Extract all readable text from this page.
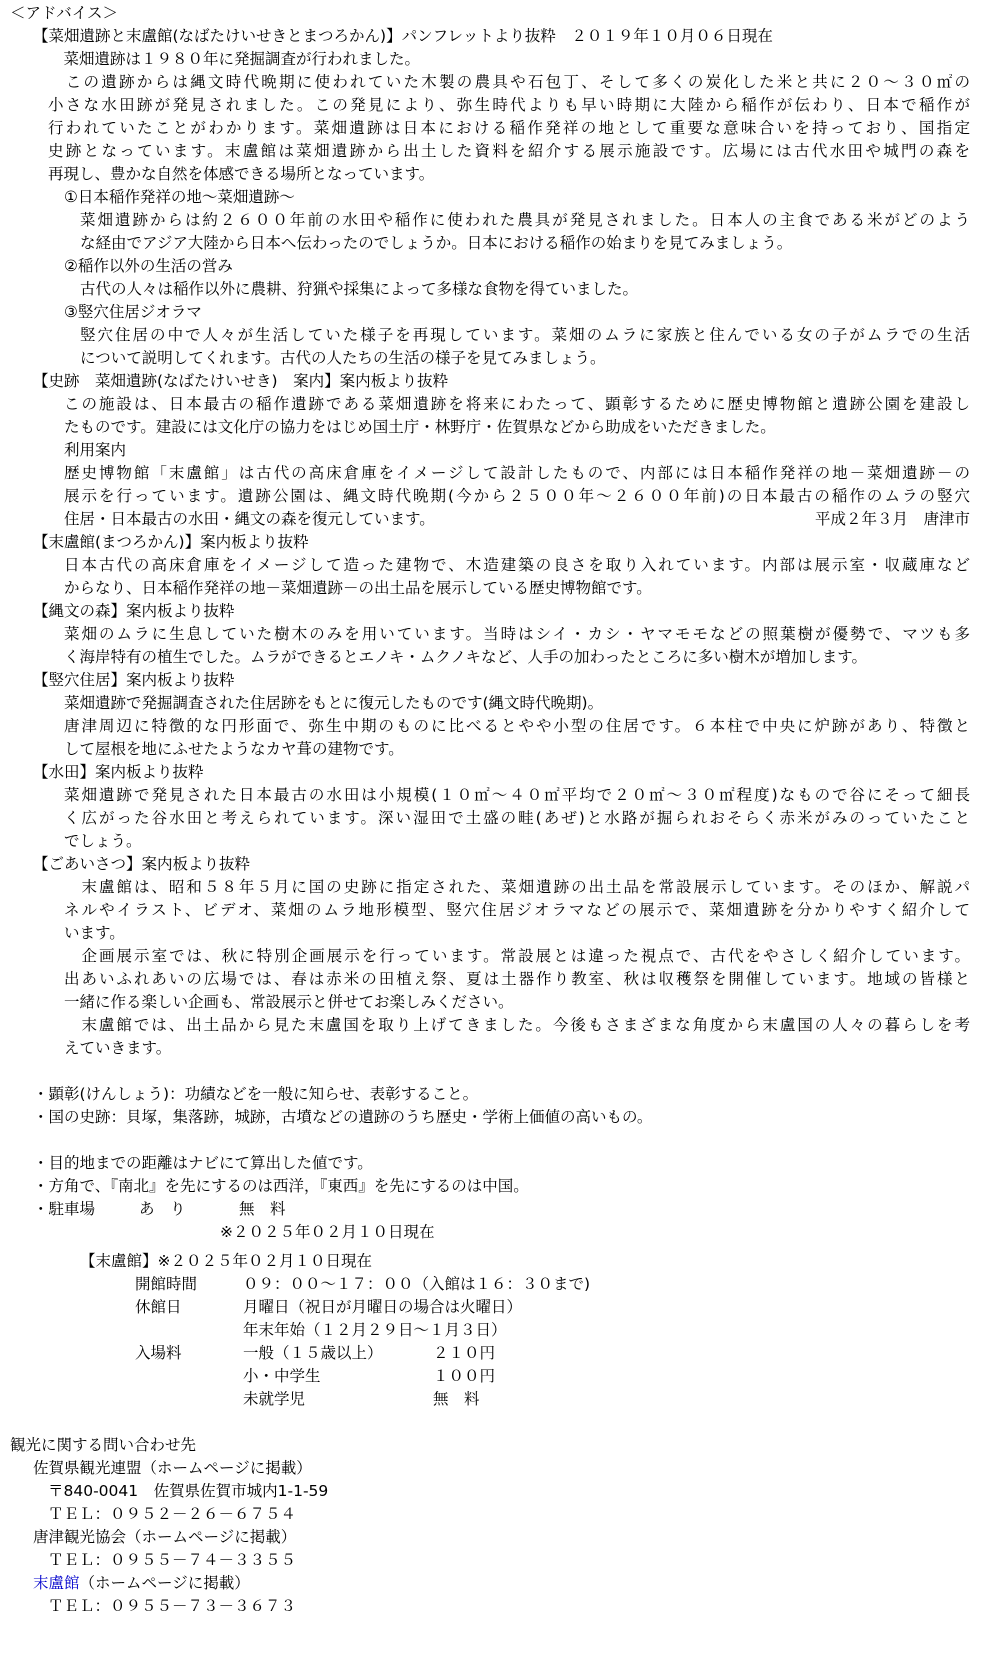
＜アドバイス＞
【菜畑遺跡と末盧館(なばたけいせきとまつろかん)】パンフレットより抜粋　２０１９年１０月０６日現在
　菜畑遺跡は１９８０年に発掘調査が行われました。
　この遺跡からは縄文時代晩期に使われていた木製の農具や石包丁、そして多くの炭化した米と共に２０～３０㎡の
小さな水田跡が発見されました。この発見により、弥生時代よりも早い時期に大陸から稲作が伝わり、日本で稲作が
行われていたことがわかります。菜畑遺跡は日本における稲作発祥の地として重要な意味合いを持っており、国指定
史跡となっています。末盧館は菜畑遺跡から出土した資料を紹介する展示施設です。広場には古代水田や城門の森を
再現し、豊かな自然を体感できる場所となっています。
①日本稲作発祥の地～菜畑遺跡～
菜畑遺跡からは約２６００年前の水田や稲作に使われた農具が発見されました。日本人の主食である米がどのよう
な経由でアジア大陸から日本へ伝わったのでしょうか。日本における稲作の始まりを見てみましょう。
②稲作以外の生活の営み
古代の人々は稲作以外に農耕、狩猟や採集によって多様な食物を得ていました。
③竪穴住居ジオラマ
竪穴住居の中で人々が生活していた様子を再現しています。菜畑のムラに家族と住んでいる女の子がムラでの生活
について説明してくれます。古代の人たちの生活の様子を見てみましょう。
【史跡　菜畑遺跡(なばたけいせき)　案内】案内板より抜粋
この施設は、日本最古の稲作遺跡である菜畑遺跡を将来にわたって、顕彰するために歴史博物館と遺跡公園を建設し
たものです。建設には文化庁の協力をはじめ国土庁・林野庁・佐賀県などから助成をいただきました。
利用案内
歴史博物館「末盧館」は古代の高床倉庫をイメージして設計したもので、内部には日本稲作発祥の地－菜畑遺跡－の
展示を行っています。遺跡公園は、縄文時代晩期(今から２５００年～２６００年前)の日本最古の稲作のムラの竪穴
住居・日本最古の水田・縄文の森を復元しています。	平成２年３月　唐津市
【末盧館(まつろかん)】案内板より抜粋
日本古代の高床倉庫をイメージして造った建物で、木造建築の良さを取り入れています。内部は展示室・収蔵庫など
からなり、日本稲作発祥の地－菜畑遺跡－の出土品を展示している歴史博物館です。
【縄文の森】案内板より抜粋
菜畑のムラに生息していた樹木のみを用いています。当時はシイ・カシ・ヤマモモなどの照葉樹が優勢で、マツも多
く海岸特有の植生でした。ムラができるとエノキ・ムクノキなど、人手の加わったところに多い樹木が増加します。
【竪穴住居】案内板より抜粋
菜畑遺跡で発掘調査された住居跡をもとに復元したものです(縄文時代晩期)。
唐津周辺に特徴的な円形面で、弥生中期のものに比べるとやや小型の住居です。６本柱で中央に炉跡があり、特徴と
して屋根を地にふせたようなカヤ葺の建物です。
【水田】案内板より抜粋
菜畑遺跡で発見された日本最古の水田は小規模(１０㎡～４０㎡平均で２０㎡～３０㎡程度)なもので谷にそって細長
く広がった谷水田と考えられています。深い湿田で土盛の畦(あぜ)と水路が掘られおそらく赤米がみのっていたこと
でしょう。
【ごあいさつ】案内板より抜粋
　末盧館は、昭和５８年５月に国の史跡に指定された、菜畑遺跡の出土品を常設展示しています。そのほか、解説パ
ネルやイラスト、ビデオ、菜畑のムラ地形模型、竪穴住居ジオラマなどの展示で、菜畑遺跡を分かりやすく紹介して
います。
　企画展示室では、秋に特別企画展示を行っています。常設展とは違った視点で、古代をやさしく紹介しています。
出あいふれあいの広場では、春は赤米の田植え祭、夏は土器作り教室、秋は収穫祭を開催しています。地域の皆様と
一緒に作る楽しい企画も、常設展示と併せてお楽しみください。
　末盧館では、出土品から見た末盧国を取り上げてきました。今後もさまざまな角度から末盧国の人々の暮らしを考
えていきます。
・顕彰(けんしょう)：功績などを一般に知らせ、表彰すること。
・国の史跡：貝塚，集落跡，城跡，古墳などの遺跡のうち歴史・学術上価値の高いもの。
・目的地までの距離はナビにて算出した値です。
・方角で、『南北』を先にするのは西洋，『東西』を先にするのは中国。
・駐車場	あ　り	無　料
※２０２５年０２月１０日現在
【末盧館】※２０２５年０２月１０日現在
開館時間	０９：００～１７：００（入館は１６：３０まで)
休館日	月曜日（祝日が月曜日の場合は火曜日）
年末年始（１２月２９日～１月３日）
入場料	一般（１５歳以上）	２１０円
小・中学生	１００円
未就学児	無　料
観光に関する問い合わせ先
佐賀県観光連盟（ホームページに掲載）
〒840-0041　佐賀県佐賀市城内1-1-59
ＴＥＬ：０９５２－２６－６７５４
唐津観光協会（ホームページに掲載）
ＴＥＬ：０９５５－７４－３３５５
末盧館（ホームページに掲載）
ＴＥＬ：０９５５－７３－３６７３
